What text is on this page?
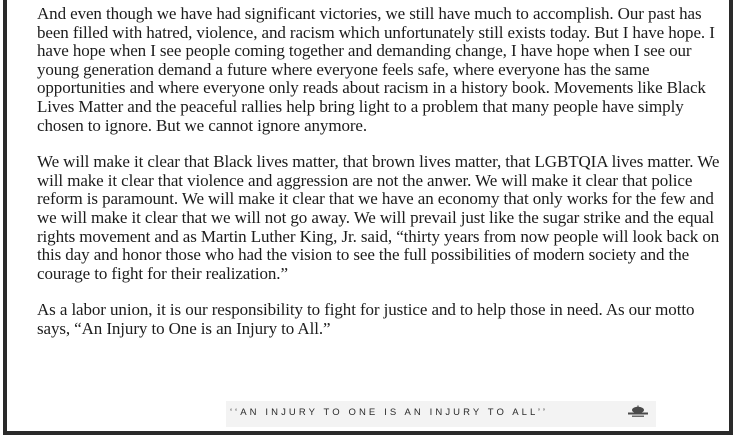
And even though we have had significant victories, we still have much to accomplish. Our past has been filled with hatred, violence, and racism which unfortunately still exists today. But I have hope. I have hope when I see people coming together and demanding change, I have hope when I see our young generation demand a future where everyone feels safe, where everyone has the same opportunities and where everyone only reads about racism in a history book. Movements like Black Lives Matter and the peaceful rallies help bring light to a problem that many people have simply chosen to ignore. But we cannot ignore anymore.

We will make it clear that Black lives matter, that brown lives matter, that LGBTQIA lives matter. We will make it clear that violence and aggression are not the anwer. We will make it clear that police reform is paramount. We will make it clear that we have an economy that only works for the few and we will make it clear that we will not go away. We will prevail just like the sugar strike and the equal rights movement and as Martin Luther King, Jr. said, “thirty years from now people will look back on this day and honor those who had the vision to see the full possibilities of modern society and the courage to fight for their realization.”

As a labor union, it is our responsibility to fight for justice and to help those in need. As our motto says, “An Injury to One is an Injury to All.”

‘‘AN INJURY TO ONE IS AN INJURY TO ALL’’
